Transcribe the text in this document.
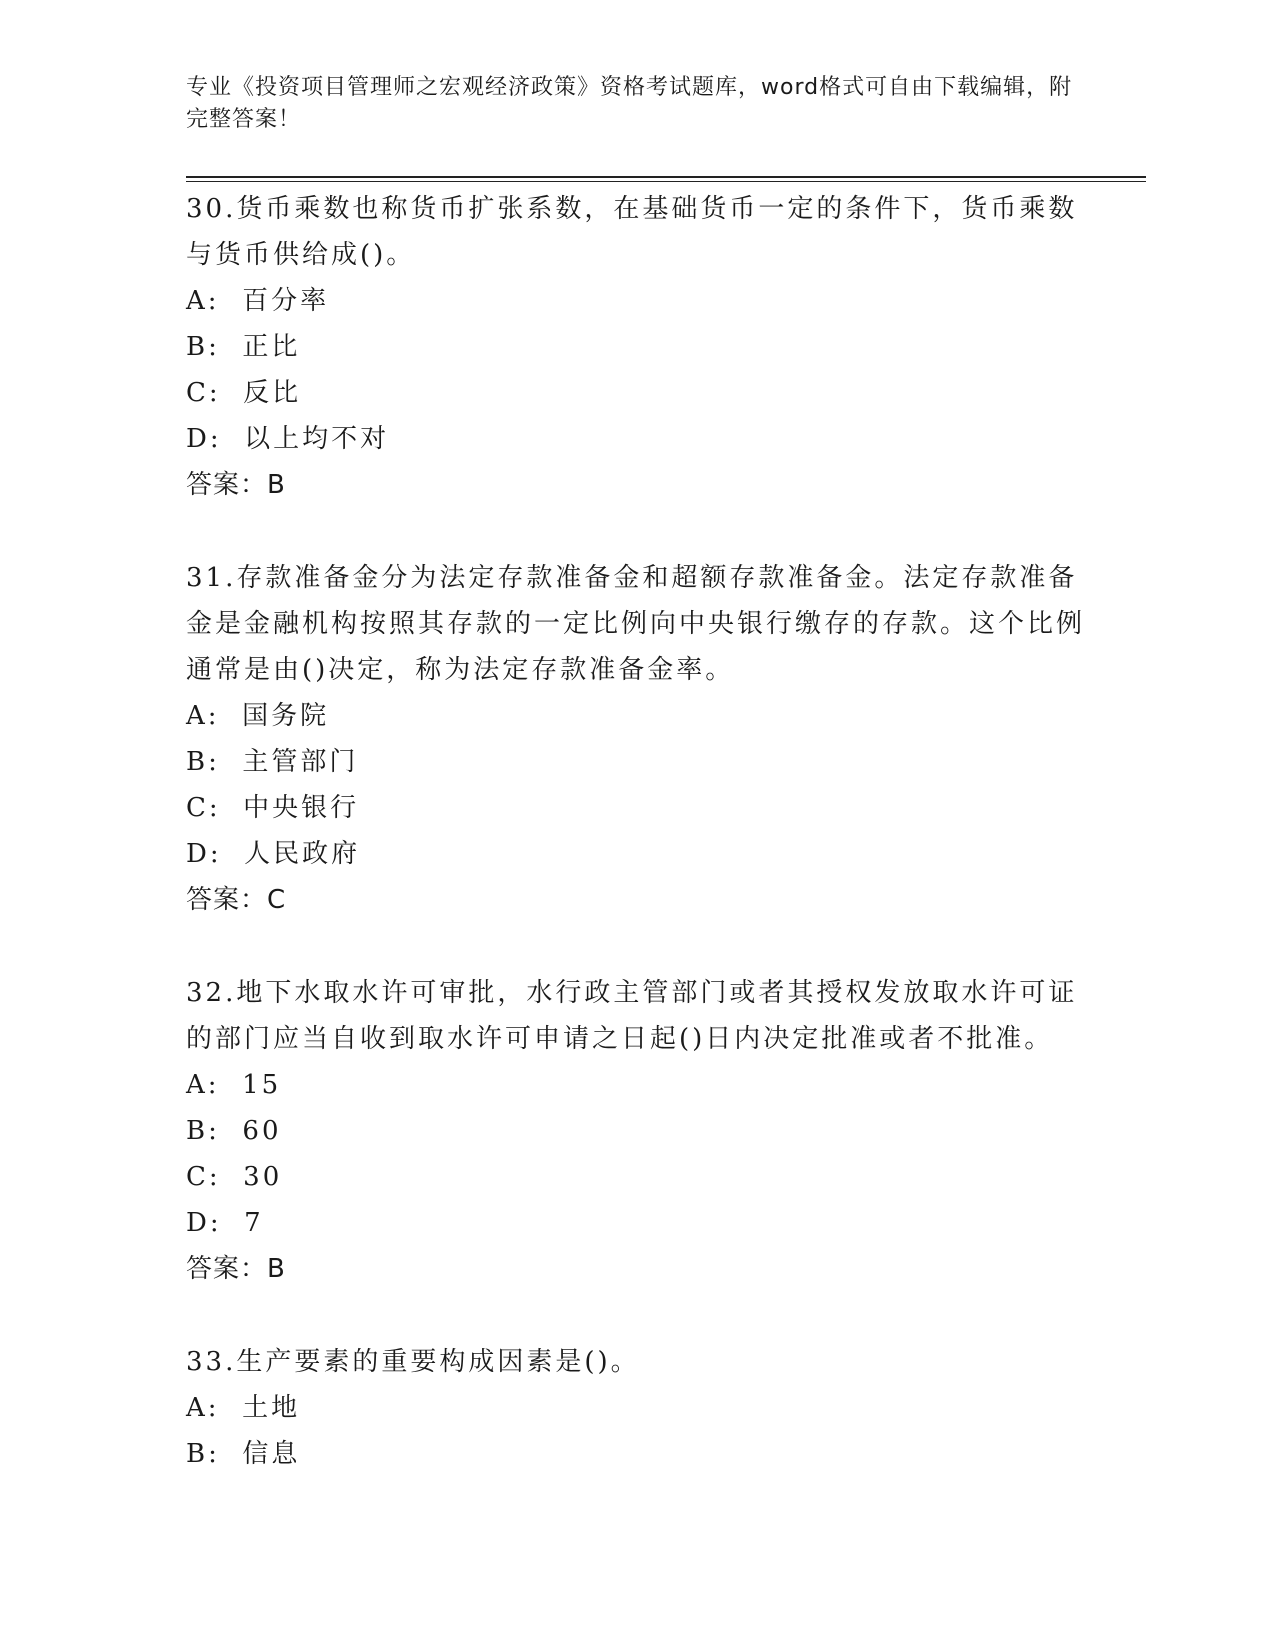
专业《投资项目管理师之宏观经济政策》资格考试题库，word格式可自由下载编辑，附完整答案！

30.货币乘数也称货币扩张系数，在基础货币一定的条件下，货币乘数与货币供给成()。

A:  百分率

B:  正比

C:  反比

D:  以上均不对

答案：B

31.存款准备金分为法定存款准备金和超额存款准备金。法定存款准备金是金融机构按照其存款的一定比例向中央银行缴存的存款。这个比例通常是由()决定，称为法定存款准备金率。

A:  国务院

B:  主管部门

C:  中央银行

D:  人民政府

答案：C

32.地下水取水许可审批，水行政主管部门或者其授权发放取水许可证的部门应当自收到取水许可申请之日起()日内决定批准或者不批准。

A:  15

B:  60

C:  30

D:  7

答案：B

33.生产要素的重要构成因素是()。

A:  土地

B:  信息
